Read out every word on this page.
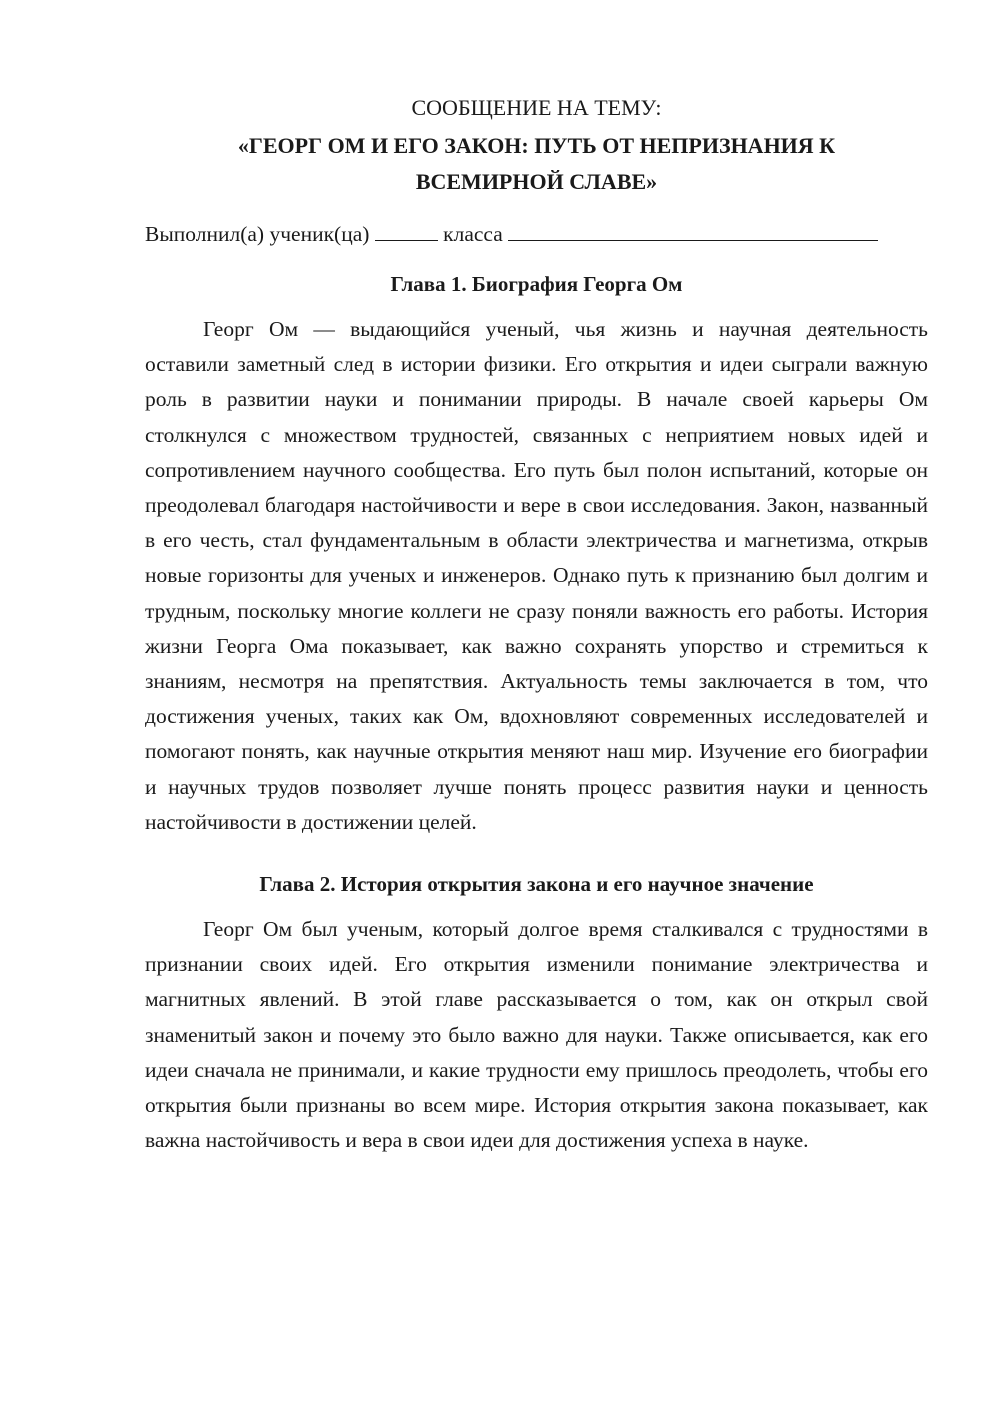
СООБЩЕНИЕ НА ТЕМУ:

«ГЕОРГ ОМ И ЕГО ЗАКОН: ПУТЬ ОТ НЕПРИЗНАНИЯ К ВСЕМИРНОЙ СЛАВЕ»

Выполнил(а) ученик(ца)	класса

Глава 1. Биография Георга Ом

Георг Ом — выдающийся ученый, чья жизнь и научная деятельность оставили заметный след в истории физики. Его открытия и идеи сыграли важную роль в развитии науки и понимании природы. В начале своей карьеры Ом столкнулся с множеством трудностей, связанных с неприятием новых идей и сопротивлением научного сообщества. Его путь был полон испытаний, которые он преодолевал благодаря настойчивости и вере в свои исследования. Закон, названный в его честь, стал фундаментальным в области электричества и магнетизма, открыв новые горизонты для ученых и инженеров. Однако путь к признанию был долгим и трудным, поскольку многие коллеги не сразу поняли важность его работы. История жизни Георга Ома показывает, как важно сохранять упорство и стремиться к знаниям, несмотря на препятствия. Актуальность темы заключается в том, что достижения ученых, таких как Ом, вдохновляют современных исследователей и помогают понять, как научные открытия меняют наш мир. Изучение его биографии и научных трудов позволяет лучше понять процесс развития науки и ценность настойчивости в достижении целей.

Глава 2. История открытия закона и его научное значение

Георг Ом был ученым, который долгое время сталкивался с трудностями в признании своих идей. Его открытия изменили понимание электричества и магнитных явлений. В этой главе рассказывается о том, как он открыл свой знаменитый закон и почему это было важно для науки. Также описывается, как его идеи сначала не принимали, и какие трудности ему пришлось преодолеть, чтобы его открытия были признаны во всем мире. История открытия закона показывает, как важна настойчивость и вера в свои идеи для достижения успеха в науке.
